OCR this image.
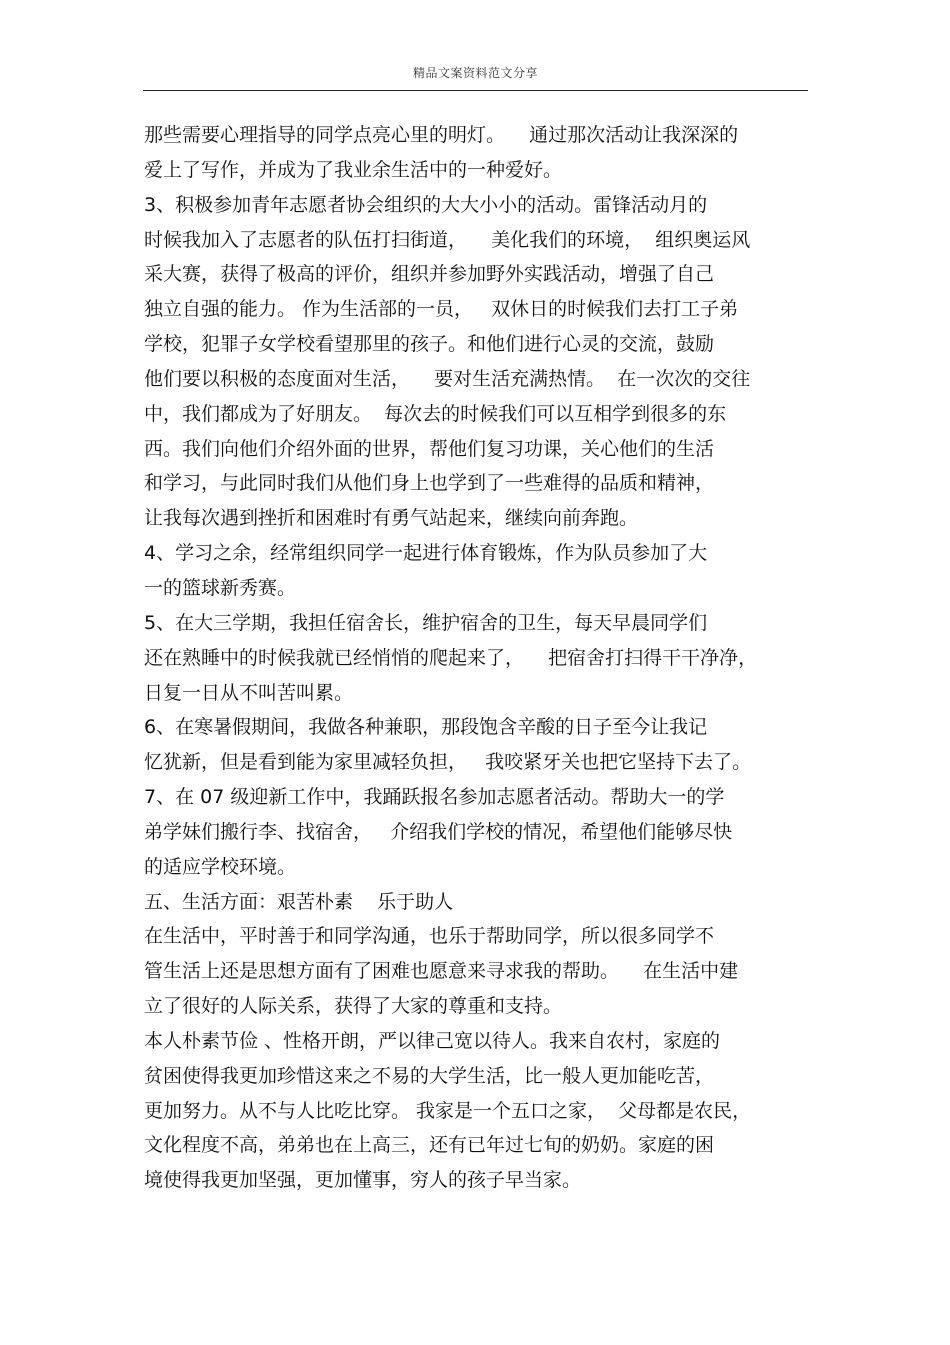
精品文案资料范文分享
那些需要心理指导的同学点亮心里的明灯。    通过那次活动让我深深的
爱上了写作，并成为了我业余生活中的一种爱好。
3、积极参加青年志愿者协会组织的大大小小的活动。雷锋活动月的
时候我加入了志愿者的队伍打扫街道，    美化我们的环境，  组织奥运风
采大赛，获得了极高的评价，组织并参加野外实践活动，增强了自己
独立自强的能力。 作为生活部的一员，   双休日的时候我们去打工子弟
学校，犯罪子女学校看望那里的孩子。和他们进行心灵的交流，鼓励
他们要以积极的态度面对生活，    要对生活充满热情。  在一次次的交往
中，我们都成为了好朋友。  每次去的时候我们可以互相学到很多的东
西。我们向他们介绍外面的世界，帮他们复习功课，关心他们的生活
和学习，与此同时我们从他们身上也学到了一些难得的品质和精神，
让我每次遇到挫折和困难时有勇气站起来，继续向前奔跑。
4、学习之余，经常组织同学一起进行体育锻炼，作为队员参加了大
一的篮球新秀赛。
5、在大三学期，我担任宿舍长，维护宿舍的卫生，每天早晨同学们
还在熟睡中的时候我就已经悄悄的爬起来了，    把宿舍打扫得干干净净，
日复一日从不叫苦叫累。
6、在寒暑假期间，我做各种兼职，那段饱含辛酸的日子至今让我记
忆犹新，但是看到能为家里减轻负担，   我咬紧牙关也把它坚持下去了。
7、在 07 级迎新工作中，我踊跃报名参加志愿者活动。帮助大一的学
弟学妹们搬行李、找宿舍，   介绍我们学校的情况，希望他们能够尽快
的适应学校环境。
五、生活方面：艰苦朴素    乐于助人
在生活中，平时善于和同学沟通，也乐于帮助同学，所以很多同学不
管生活上还是思想方面有了困难也愿意来寻求我的帮助。    在生活中建
立了很好的人际关系，获得了大家的尊重和支持。
本人朴素节俭 、性格开朗，严以律己宽以待人。我来自农村，家庭的
贫困使得我更加珍惜这来之不易的大学生活，比一般人更加能吃苦，
更加努力。从不与人比吃比穿。 我家是一个五口之家，  父母都是农民，
文化程度不高，弟弟也在上高三，还有已年过七旬的奶奶。家庭的困
境使得我更加坚强，更加懂事，穷人的孩子早当家。
